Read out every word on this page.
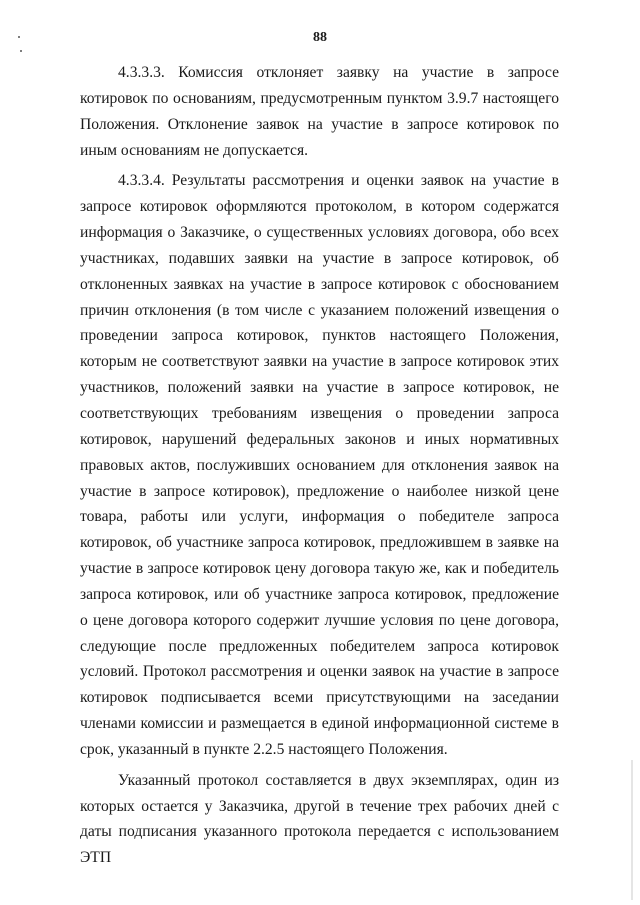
88

4.3.3.3. Комиссия отклоняет заявку на участие в запросе котировок по основаниям, предусмотренным пунктом 3.9.7 настоящего Положения. Отклонение заявок на участие в запросе котировок по иным основаниям не допускается.

4.3.3.4. Результаты рассмотрения и оценки заявок на участие в запросе котировок оформляются протоколом, в котором содержатся информация о Заказчике, о существенных условиях договора, обо всех участниках, подавших заявки на участие в запросе котировок, об отклоненных заявках на участие в запросе котировок с обоснованием причин отклонения (в том числе с указанием положений извещения о проведении запроса котировок, пунктов настоящего Положения, которым не соответствуют заявки на участие в запросе котировок этих участников, положений заявки на участие в запросе котировок, не соответствующих требованиям извещения о проведении запроса котировок, нарушений федеральных законов и иных нормативных правовых актов, послуживших основанием для отклонения заявок на участие в запросе котировок), предложение о наиболее низкой цене товара, работы или услуги, информация о победителе запроса котировок, об участнике запроса котировок, предложившем в заявке на участие в запросе котировок цену договора такую же, как и победитель запроса котировок, или об участнике запроса котировок, предложение о цене договора которого содержит лучшие условия по цене договора, следующие после предложенных победителем запроса котировок условий. Протокол рассмотрения и оценки заявок на участие в запросе котировок подписывается всеми присутствующими на заседании членами комиссии и размещается в единой информационной системе в срок, указанный в пункте 2.2.5 настоящего Положения.

Указанный протокол составляется в двух экземплярах, один из которых остается у Заказчика, другой в течение трех рабочих дней с даты подписания указанного протокола передается с использованием ЭТП
